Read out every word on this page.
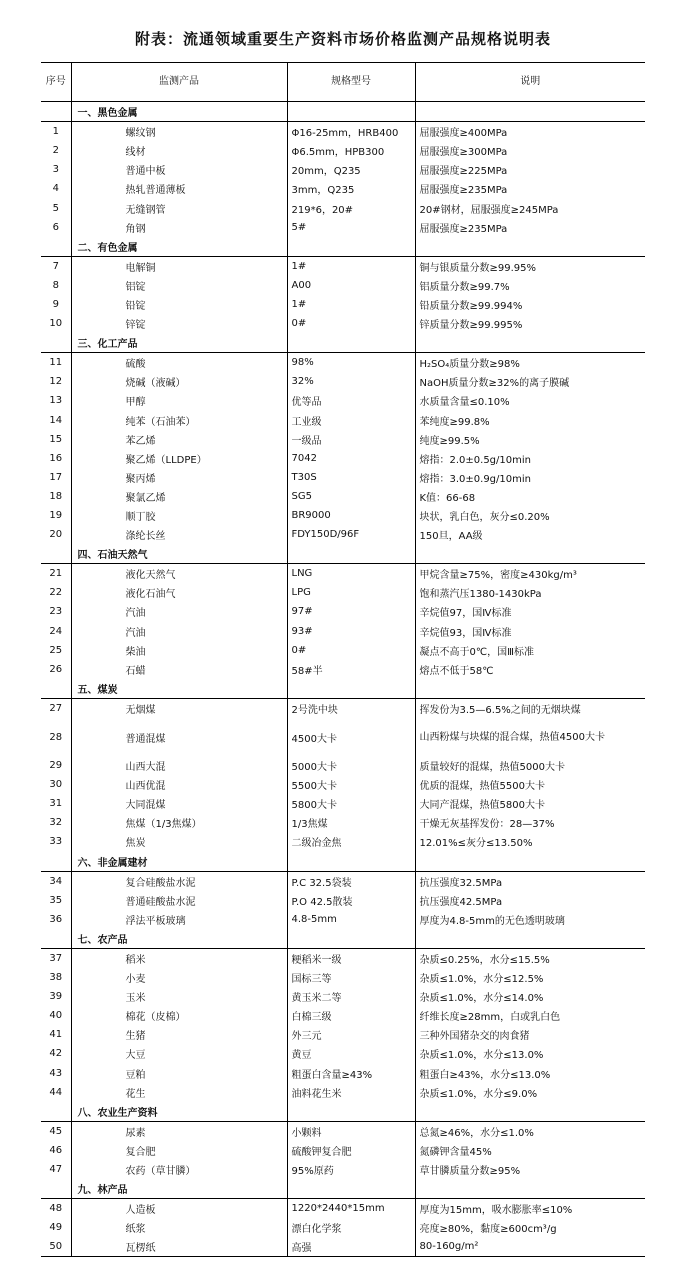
附表：流通领域重要生产资料市场价格监测产品规格说明表
序号	监测产品	规格型号	说明
	一、黑色金属		
1	螺纹钢	Φ16-25mm，HRB400	屈服强度≥400MPa
2	线材	Φ6.5mm，HPB300	屈服强度≥300MPa
3	普通中板	20mm，Q235	屈服强度≥225MPa
4	热轧普通薄板	3mm，Q235	屈服强度≥235MPa
5	无缝钢管	219*6，20#	20#钢材，屈服强度≥245MPa
6	角钢	5#	屈服强度≥235MPa
	二、有色金属		
7	电解铜	1#	铜与银质量分数≥99.95%
8	铝锭	A00	铝质量分数≥99.7%
9	铅锭	1#	铅质量分数≥99.994%
10	锌锭	0#	锌质量分数≥99.995%
	三、化工产品		
11	硫酸	98%	H₂SO₄质量分数≥98%
12	烧碱（液碱）	32%	NaOH质量分数≥32%的离子膜碱
13	甲醇	优等品	水质量含量≤0.10%
14	纯苯（石油苯）	工业级	苯纯度≥99.8%
15	苯乙烯	一级品	纯度≥99.5%
16	聚乙烯（LLDPE）	7042	熔指：2.0±0.5g/10min
17	聚丙烯	T30S	熔指：3.0±0.9g/10min
18	聚氯乙烯	SG5	K值：66-68
19	顺丁胶	BR9000	块状，乳白色，灰分≤0.20%
20	涤纶长丝	FDY150D/96F	150旦，AA级
	四、石油天然气		
21	液化天然气	LNG	甲烷含量≥75%，密度≥430kg/m³
22	液化石油气	LPG	饱和蒸汽压1380-1430kPa
23	汽油	97#	辛烷值97，国Ⅳ标准
24	汽油	93#	辛烷值93，国Ⅳ标准
25	柴油	0#	凝点不高于0℃，国Ⅲ标准
26	石蜡	58#半	熔点不低于58℃
	五、煤炭		
27	无烟煤	2号洗中块	挥发份为3.5—6.5%之间的无烟块煤
28	普通混煤	4500大卡	山西粉煤与块煤的混合煤，热值4500大卡
29	山西大混	5000大卡	质量较好的混煤，热值5000大卡
30	山西优混	5500大卡	优质的混煤，热值5500大卡
31	大同混煤	5800大卡	大同产混煤，热值5800大卡
32	焦煤（1/3焦煤）	1/3焦煤	干燥无灰基挥发份：28—37%
33	焦炭	二级冶金焦	12.01%≤灰分≤13.50%
	六、非金属建材		
34	复合硅酸盐水泥	P.C 32.5袋装	抗压强度32.5MPa
35	普通硅酸盐水泥	P.O 42.5散装	抗压强度42.5MPa
36	浮法平板玻璃	4.8-5mm	厚度为4.8-5mm的无色透明玻璃
	七、农产品		
37	稻米	粳稻米一级	杂质≤0.25%，水分≤15.5%
38	小麦	国标三等	杂质≤1.0%，水分≤12.5%
39	玉米	黄玉米二等	杂质≤1.0%，水分≤14.0%
40	棉花（皮棉）	白棉三级	纤维长度≥28mm，白或乳白色
41	生猪	外三元	三种外国猪杂交的肉食猪
42	大豆	黄豆	杂质≤1.0%，水分≤13.0%
43	豆粕	粗蛋白含量≥43%	粗蛋白≥43%，水分≤13.0%
44	花生	油料花生米	杂质≤1.0%，水分≤9.0%
	八、农业生产资料		
45	尿素	小颗料	总氮≥46%，水分≤1.0%
46	复合肥	硫酸钾复合肥	氮磷钾含量45%
47	农药（草甘膦）	95%原药	草甘膦质量分数≥95%
	九、林产品		
48	人造板	1220*2440*15mm	厚度为15mm，吸水膨胀率≤10%
49	纸浆	漂白化学浆	亮度≥80%，黏度≥600cm³/g
50	瓦楞纸	高强	80-160g/m²
